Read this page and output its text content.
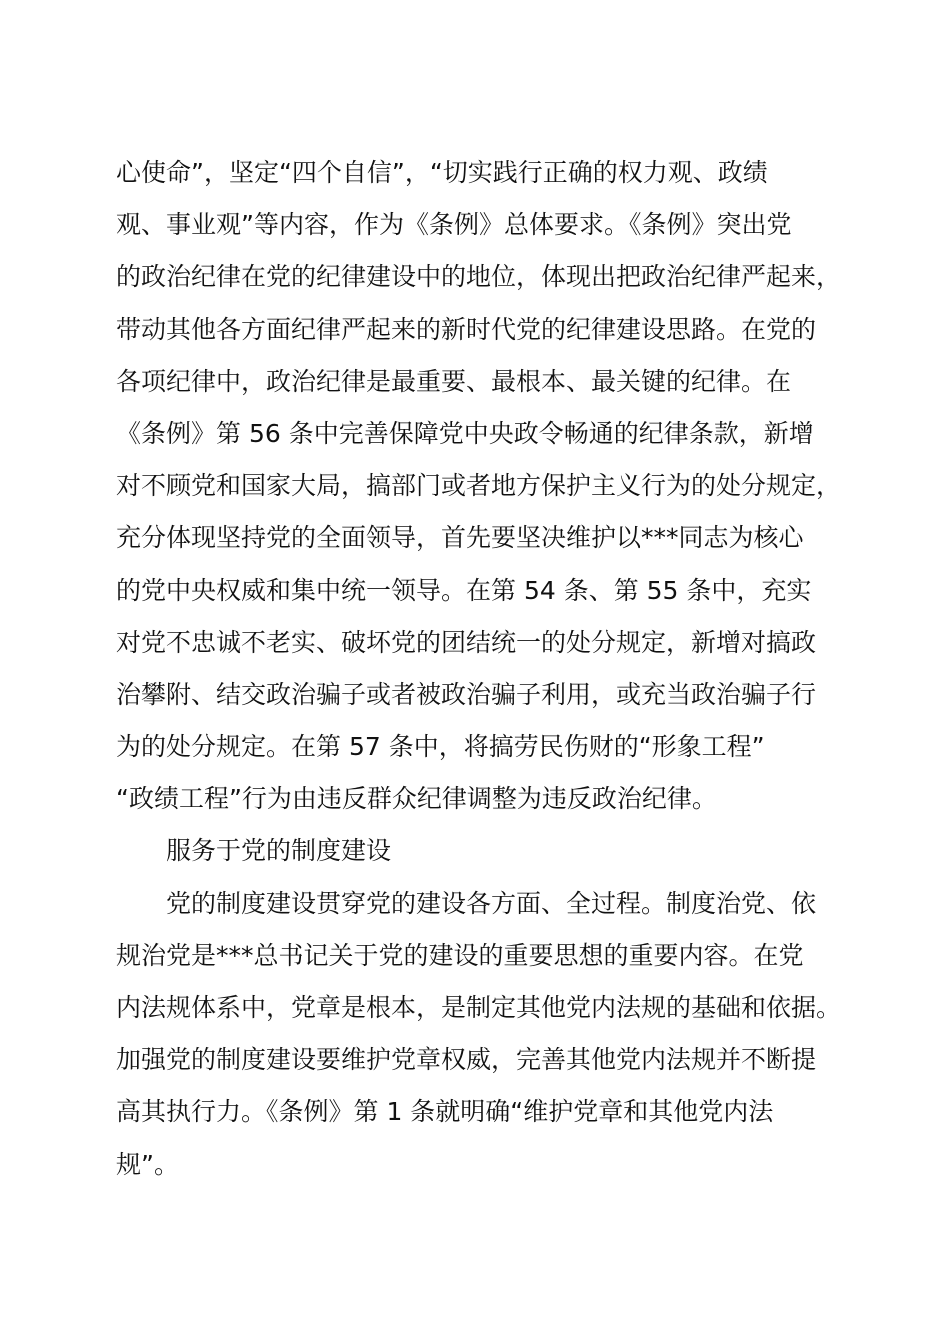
心使命”，坚定“四个自信”，“切实践行正确的权力观、政绩
观、事业观”等内容，作为《条例》总体要求。《条例》突出党
的政治纪律在党的纪律建设中的地位，体现出把政治纪律严起来，
带动其他各方面纪律严起来的新时代党的纪律建设思路。在党的
各项纪律中，政治纪律是最重要、最根本、最关键的纪律。在
《条例》第 56 条中完善保障党中央政令畅通的纪律条款，新增
对不顾党和国家大局，搞部门或者地方保护主义行为的处分规定，
充分体现坚持党的全面领导，首先要坚决维护以***同志为核心
的党中央权威和集中统一领导。在第 54 条、第 55 条中，充实
对党不忠诚不老实、破坏党的团结统一的处分规定，新增对搞政
治攀附、结交政治骗子或者被政治骗子利用，或充当政治骗子行
为的处分规定。在第 57 条中，将搞劳民伤财的“形象工程”
“政绩工程”行为由违反群众纪律调整为违反政治纪律。
服务于党的制度建设
党的制度建设贯穿党的建设各方面、全过程。制度治党、依
规治党是***总书记关于党的建设的重要思想的重要内容。在党
内法规体系中，党章是根本，是制定其他党内法规的基础和依据。
加强党的制度建设要维护党章权威，完善其他党内法规并不断提
高其执行力。《条例》第 1 条就明确“维护党章和其他党内法
规”。
